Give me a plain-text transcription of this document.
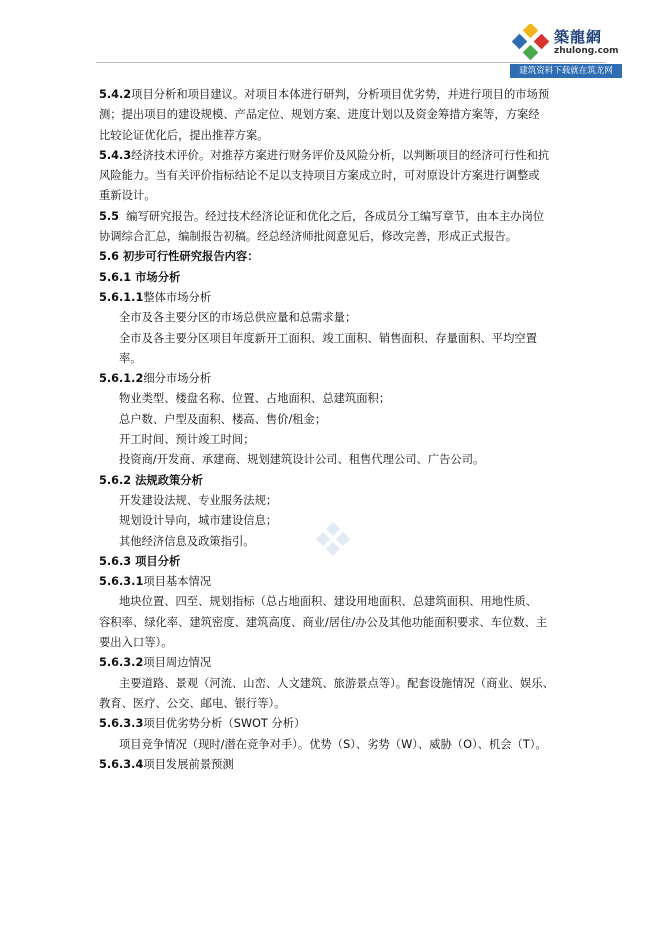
築龍網
zhulong.com
建筑资料下载就在筑龙网
5.4.2项目分析和项目建议。对项目本体进行研判，分析项目优劣势，并进行项目的市场预
测；提出项目的建设规模、产品定位、规划方案、进度计划以及资金筹措方案等，方案经
比较论证优化后，提出推荐方案。
5.4.3经济技术评价。对推荐方案进行财务评价及风险分析，以判断项目的经济可行性和抗
风险能力。当有关评价指标结论不足以支持项目方案成立时，可对原设计方案进行调整或
重新设计。
5.5 编写研究报告。经过技术经济论证和优化之后，各成员分工编写章节，由本主办岗位
协调综合汇总，编制报告初稿。经总经济师批阅意见后，修改完善，形成正式报告。
5.6 初步可行性研究报告内容：
5.6.1 市场分析
5.6.1.1整体市场分析
全市及各主要分区的市场总供应量和总需求量；
全市及各主要分区项目年度新开工面积、竣工面积、销售面积、存量面积、平均空置
率。
5.6.1.2细分市场分析
物业类型、楼盘名称、位置、占地面积、总建筑面积；
总户数、户型及面积、楼高、售价/租金；
开工时间、预计竣工时间；
投资商/开发商、承建商、规划建筑设计公司、租售代理公司、广告公司。
5.6.2 法规政策分析
开发建设法规、专业服务法规；
规划设计导向，城市建设信息；
其他经济信息及政策指引。
5.6.3 项目分析
5.6.3.1项目基本情况
地块位置、四至、规划指标（总占地面积、建设用地面积、总建筑面积、用地性质、
容积率、绿化率、建筑密度、建筑高度、商业/居住/办公及其他功能面积要求、车位数、主
要出入口等）。
5.6.3.2项目周边情况
主要道路、景观（河流、山峦、人文建筑、旅游景点等）。配套设施情况（商业、娱乐、
教育、医疗、公交、邮电、银行等）。
5.6.3.3项目优劣势分析（SWOT 分析）
项目竞争情况（现时/潜在竞争对手）。优势（S）、劣势（W）、威胁（O）、机会（T）。
5.6.3.4项目发展前景预测
